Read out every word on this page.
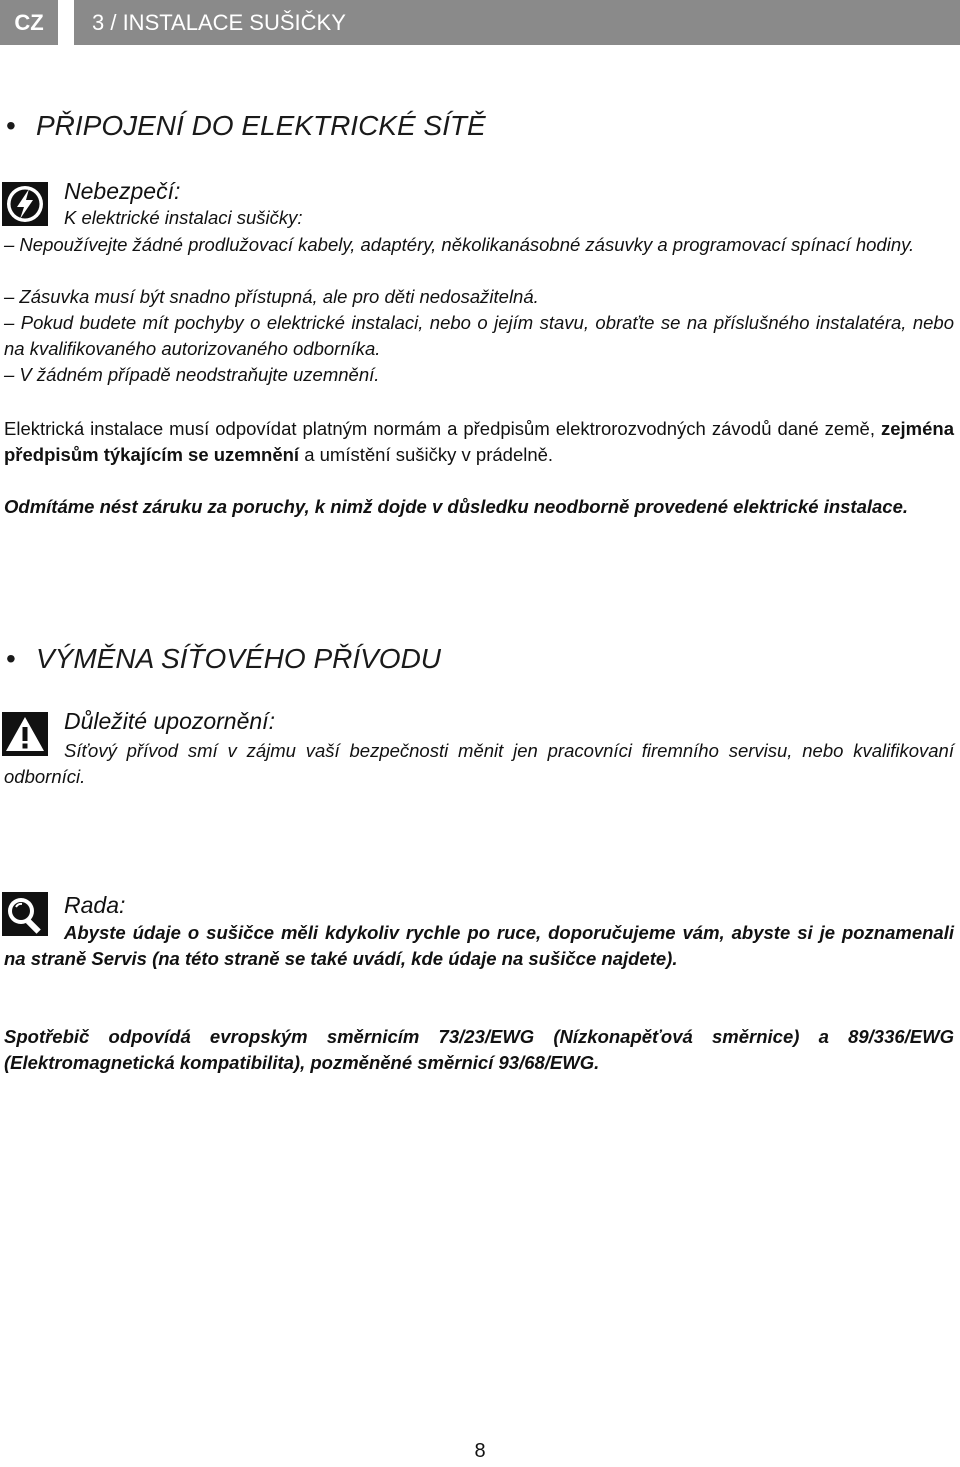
CZ	3 / INSTALACE SUŠIČKY
• PŘIPOJENÍ DO ELEKTRICKÉ SÍTĚ
Nebezpečí:
K elektrické instalaci sušičky:

– Nepoužívejte žádné prodlužovací kabely, adaptéry, několikanásobné zásuvky a programovací spínací hodiny.

– Zásuvka musí být snadno přístupná, ale pro děti nedosažitelná.

– Pokud budete mít pochyby o elektrické instalaci, nebo o jejím stavu, obraťte se na příslušného instalatéra, nebo na kvalifikovaného autorizovaného odborníka.

– V žádném případě neodstraňujte uzemnění.

Elektrická instalace musí odpovídat platným normám a předpisům elektrorozvodných závodů dané země, zejména předpisům týkajícím se uzemnění a umístění sušičky v prádelně.

Odmítáme nést záruku za poruchy, k nimž dojde v důsledku neodborně provedené elektrické instalace.

• VÝMĚNA SÍŤOVÉHO PŘÍVODU
Důležité upozornění:

Síťový přívod smí v zájmu vaší bezpečnosti měnit jen pracovníci firemního servisu, nebo kvalifikovaní odborníci.

Rada:

Abyste údaje o sušičce měli kdykoliv rychle po ruce, doporučujeme vám, abyste si je poznamenali na straně Servis (na této straně se také uvádí, kde údaje na sušičce najdete).

Spotřebič odpovídá evropským směrnicím 73/23/EWG (Nízkonapěťová směrnice) a 89/336/EWG (Elektromagnetická kompatibilita), pozměněné směrnicí 93/68/EWG.

8
